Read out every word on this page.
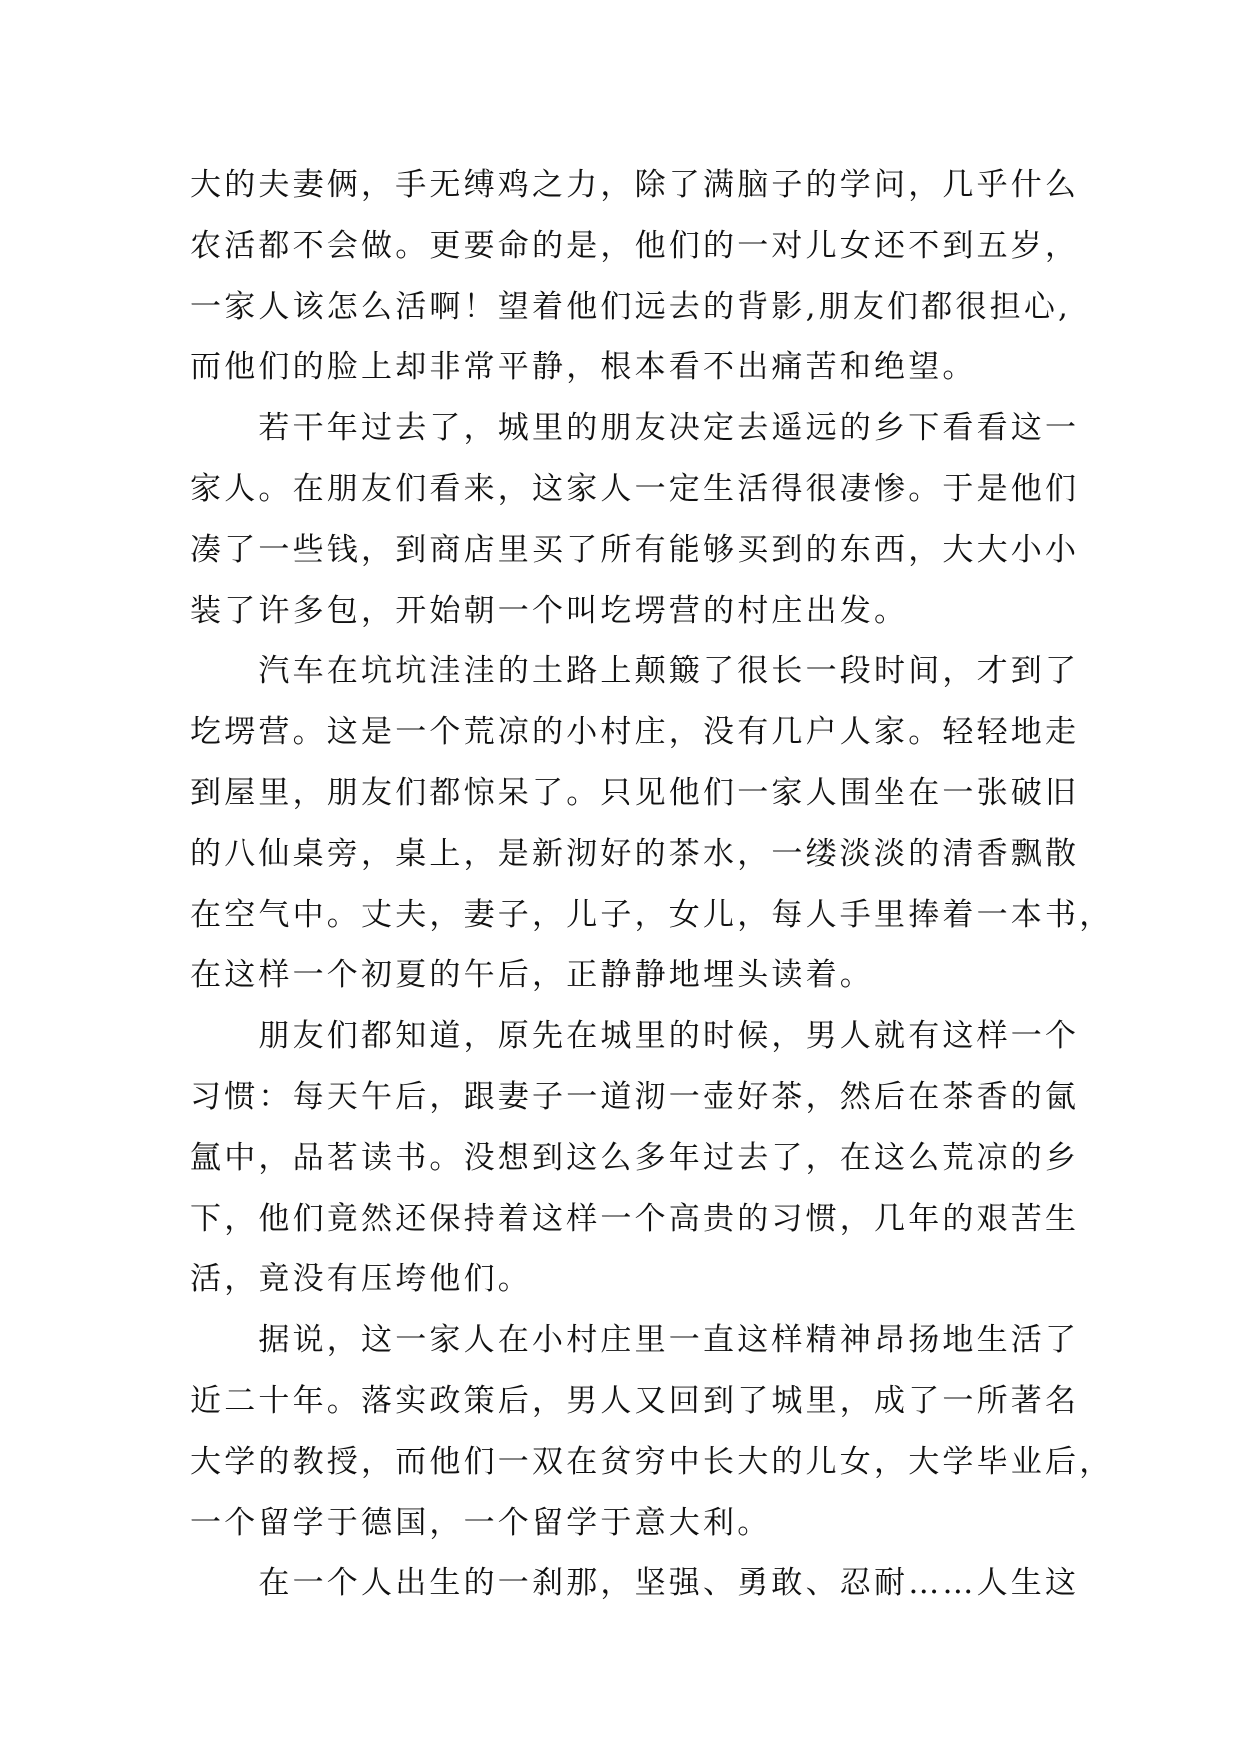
大的夫妻俩，手无缚鸡之力，除了满脑子的学问，几乎什么
农活都不会做。更要命的是，他们的一对儿女还不到五岁，
一家人该怎么活啊！望着他们远去的背影,朋友们都很担心,
而他们的脸上却非常平静，根本看不出痛苦和绝望。
　　若干年过去了，城里的朋友决定去遥远的乡下看看这一
家人。在朋友们看来，这家人一定生活得很凄惨。于是他们
凑了一些钱，到商店里买了所有能够买到的东西，大大小小
装了许多包，开始朝一个叫圪塄营的村庄出发。
　　汽车在坑坑洼洼的土路上颠簸了很长一段时间，才到了
圪塄营。这是一个荒凉的小村庄，没有几户人家。轻轻地走
到屋里，朋友们都惊呆了。只见他们一家人围坐在一张破旧
的八仙桌旁，桌上，是新沏好的茶水，一缕淡淡的清香飘散
在空气中。丈夫，妻子，儿子，女儿，每人手里捧着一本书，
在这样一个初夏的午后，正静静地埋头读着。
　　朋友们都知道，原先在城里的时候，男人就有这样一个
习惯：每天午后，跟妻子一道沏一壶好茶，然后在茶香的氤
氲中，品茗读书。没想到这么多年过去了，在这么荒凉的乡
下，他们竟然还保持着这样一个高贵的习惯，几年的艰苦生
活，竟没有压垮他们。
　　据说，这一家人在小村庄里一直这样精神昂扬地生活了
近二十年。落实政策后，男人又回到了城里，成了一所著名
大学的教授，而他们一双在贫穷中长大的儿女，大学毕业后，
一个留学于德国，一个留学于意大利。
　　在一个人出生的一刹那，坚强、勇敢、忍耐……人生这
